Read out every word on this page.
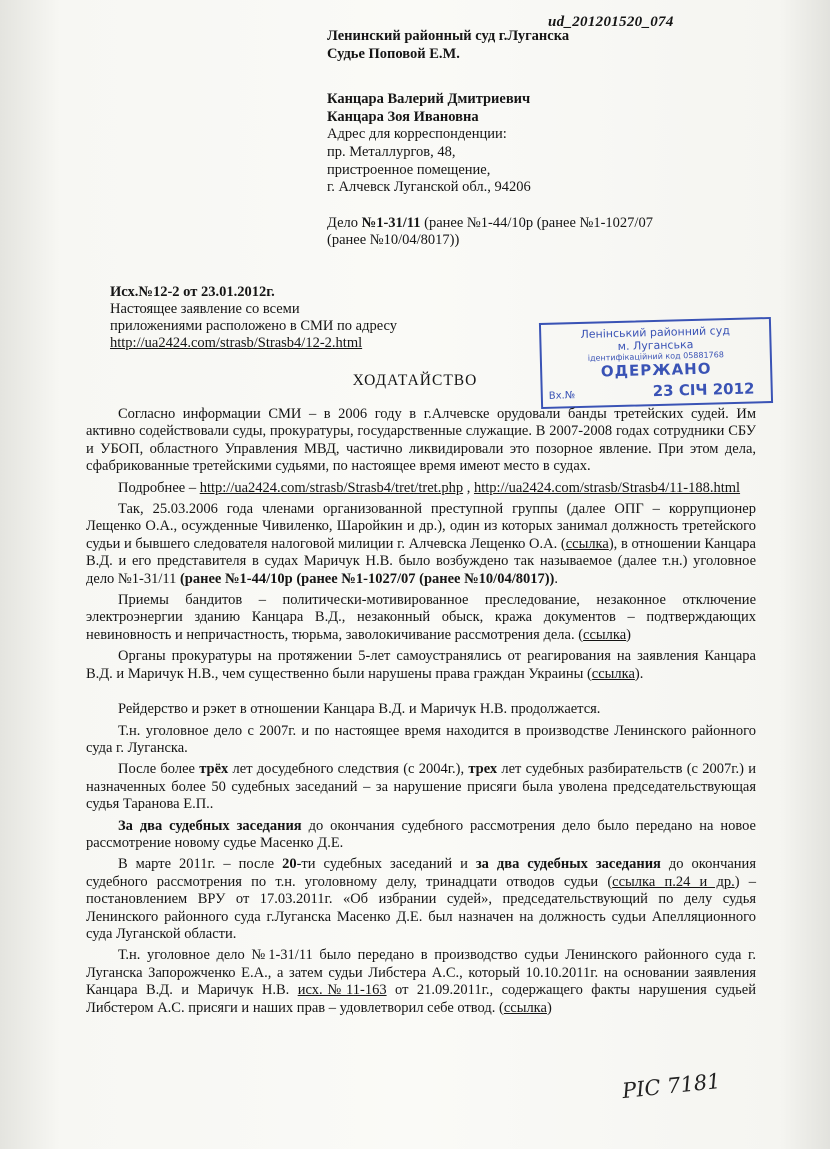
ud_201201520_074
Ленинский районный суд г.Луганска
Судье Поповой Е.М.
Канцара Валерий Дмитриевич
Канцара Зоя Ивановна
Адрес для корреспонденции:
пр. Металлургов, 48,
пристроенное помещение,
г. Алчевск Луганской обл., 94206
Дело №1-31/11 (ранее №1-44/10р (ранее №1-1027/07
(ранее №10/04/8017))
Исх.№12-2 от 23.01.2012г.
Настоящее заявление со всеми
приложениями расположено в СМИ по адресу
http://ua2424.com/strasb/Strasb4/12-2.html
Ленінський районний суд
м. Луганська
ідентифікаційний код 05881768
ОДЕРЖАНО
Вх.№	23 СІЧ 2012
ХОДАТАЙСТВО

Согласно информации СМИ – в 2006 году в г.Алчевске орудовали банды третейских судей. Им активно содействовали суды, прокуратуры, государственные служащие. В 2007-2008 годах сотрудники СБУ и УБОП, областного Управления МВД, частично ликвидировали это позорное явление. При этом дела, сфабрикованные третейскими судьями, по настоящее время имеют место в судах.

Подробнее – http://ua2424.com/strasb/Strasb4/tret/tret.php , http://ua2424.com/strasb/Strasb4/11-188.html

Так, 25.03.2006 года членами организованной преступной группы (далее ОПГ – коррупционер Лещенко О.А., осужденные Чивиленко, Шаройкин и др.), один из которых занимал должность третейского судьи и бывшего следователя налоговой милиции г. Алчевска Лещенко О.А. (ссылка), в отношении Канцара В.Д. и его представителя в судах Маричук Н.В. было возбуждено так называемое (далее т.н.) уголовное дело №1-31/11 (ранее №1-44/10р (ранее №1-1027/07 (ранее №10/04/8017)).

Приемы бандитов – политически-мотивированное преследование, незаконное отключение электроэнергии зданию Канцара В.Д., незаконный обыск, кража документов – подтверждающих невиновность и непричастность, тюрьма, заволокичивание рассмотрения дела. (ссылка)

Органы прокуратуры на протяжении 5-лет самоустранялись от реагирования на заявления Канцара В.Д. и Маричук Н.В., чем существенно были нарушены права граждан Украины (ссылка).

Рейдерство и рэкет в отношении Канцара В.Д. и Маричук Н.В. продолжается.

Т.н. уголовное дело с 2007г. и по настоящее время находится в производстве Ленинского районного суда г. Луганска.

После более трёх лет досудебного следствия (с 2004г.), трех лет судебных разбирательств (с 2007г.) и назначенных более 50 судебных заседаний – за нарушение присяги была уволена председательствующая судья Таранова Е.П..

За два судебных заседания до окончания судебного рассмотрения дело было передано на новое рассмотрение новому судье Масенко Д.Е.

В марте 2011г. – после 20-ти судебных заседаний и за два судебных заседания до окончания судебного рассмотрения по т.н. уголовному делу, тринадцати отводов судьи (ссылка п.24 и др.) – постановлением ВРУ от 17.03.2011г. «Об избрании судей», председательствующий по делу судья Ленинского районного суда г.Луганска Масенко Д.Е. был назначен на должность судьи Апелляционного суда Луганской области.

Т.н. уголовное дело №1-31/11 было передано в производство судьи Ленинского районного суда г. Луганска Запорожченко Е.А., а затем судьи Либстера А.С., который 10.10.2011г. на основании заявления Канцара В.Д. и Маричук Н.В. исх.№11-163 от 21.09.2011г., содержащего факты нарушения судьей Либстером А.С. присяги и наших прав – удовлетворил себе отвод. (ссылка)

РІС 7181
